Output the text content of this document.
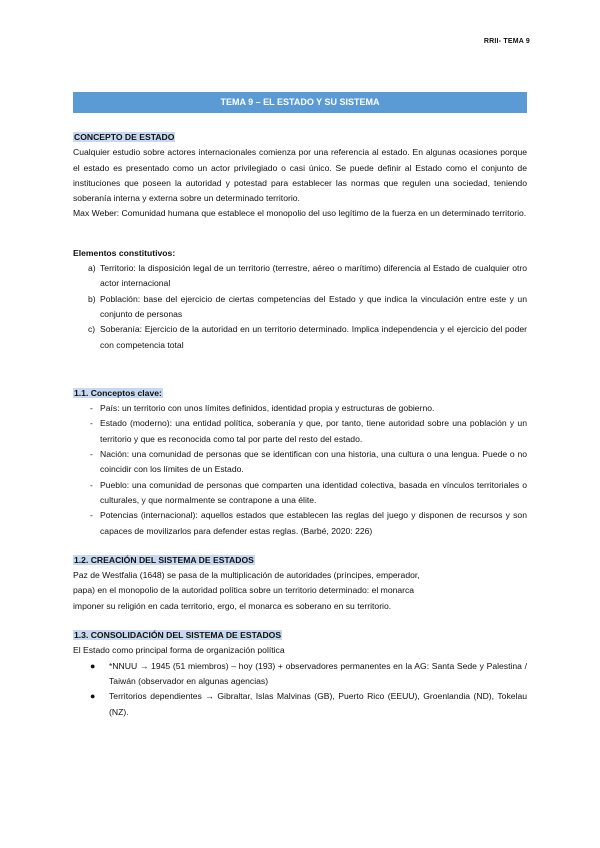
RRII- TEMA 9
TEMA 9 – EL ESTADO Y SU SISTEMA
CONCEPTO DE ESTADO

Cualquier estudio sobre actores internacionales comienza por una referencia al estado. En algunas ocasiones porque el estado es presentado como un actor privilegiado o casi único. Se puede definir al Estado como el conjunto de instituciones que poseen la autoridad y potestad para establecer las normas que regulen una sociedad, teniendo soberanía interna y externa sobre un determinado territorio.

Max Weber: Comunidad humana que establece el monopolio del uso legítimo de la fuerza en un determinado territorio.

Elementos constitutivos:
a) Territorio: la disposición legal de un territorio (terrestre, aéreo o marítimo) diferencia al Estado de cualquier otro actor internacional
b) Población: base del ejercicio de ciertas competencias del Estado y que indica la vinculación entre este y un conjunto de personas
c) Soberanía: Ejercicio de la autoridad en un territorio determinado. Implica independencia y el ejercicio del poder con competencia total
1.1. Conceptos clave:
- País: un territorio con unos límites definidos, identidad propia y estructuras de gobierno.
- Estado (moderno): una entidad política, soberanía y que, por tanto, tiene autoridad sobre una población y un territorio y que es reconocida como tal por parte del resto del estado.
- Nación: una comunidad de personas que se identifican con una historia, una cultura o una lengua. Puede o no coincidir con los límites de un Estado.
- Pueblo: una comunidad de personas que comparten una identidad colectiva, basada en vínculos territoriales o culturales, y que normalmente se contrapone a una élite.
- Potencias (internacional): aquellos estados que establecen las reglas del juego y disponen de recursos y son capaces de movilizarlos para defender estas reglas. (Barbé, 2020: 226)
1.2. CREACIÓN DEL SISTEMA DE ESTADOS
Paz de Westfalia (1648) se pasa de la multiplicación de autoridades (príncipes, emperador,
papa) en el monopolio de la autoridad política sobre un territorio determinado: el monarca
imponer su religión en cada territorio, ergo, el monarca es soberano en su territorio.
1.3. CONSOLIDACIÓN DEL SISTEMA DE ESTADOS
El Estado como principal forma de organización política
● *NNUU → 1945 (51 miembros) – hoy (193) + observadores permanentes en la AG: Santa Sede y Palestina / Taiwán (observador en algunas agencias)
● Territorios dependientes → Gibraltar, Islas Malvinas (GB), Puerto Rico (EEUU), Groenlandia (ND), Tokelau (NZ).
